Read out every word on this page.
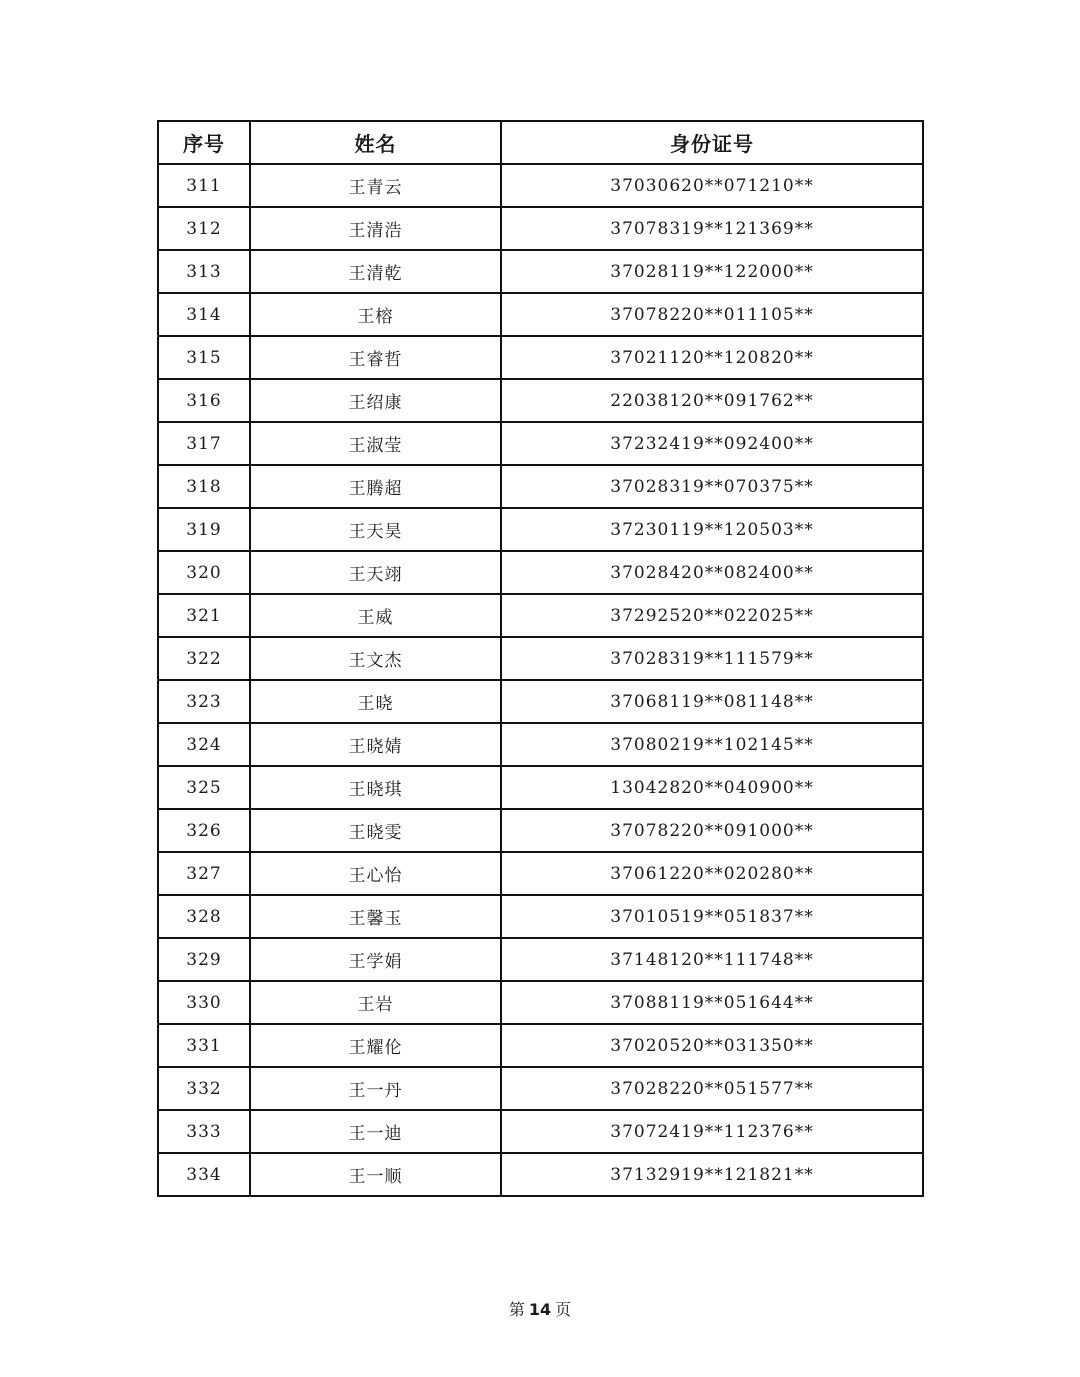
序号	姓名	身份证号
311	王青云	37030620**071210**
312	王清浩	37078319**121369**
313	王清乾	37028119**122000**
314	王榕	37078220**011105**
315	王睿哲	37021120**120820**
316	王绍康	22038120**091762**
317	王淑莹	37232419**092400**
318	王腾超	37028319**070375**
319	王天昊	37230119**120503**
320	王天翊	37028420**082400**
321	王威	37292520**022025**
322	王文杰	37028319**111579**
323	王晓	37068119**081148**
324	王晓婧	37080219**102145**
325	王晓琪	13042820**040900**
326	王晓雯	37078220**091000**
327	王心怡	37061220**020280**
328	王馨玉	37010519**051837**
329	王学娟	37148120**111748**
330	王岩	37088119**051644**
331	王耀伦	37020520**031350**
332	王一丹	37028220**051577**
333	王一迪	37072419**112376**
334	王一顺	37132919**121821**
第 14 页
